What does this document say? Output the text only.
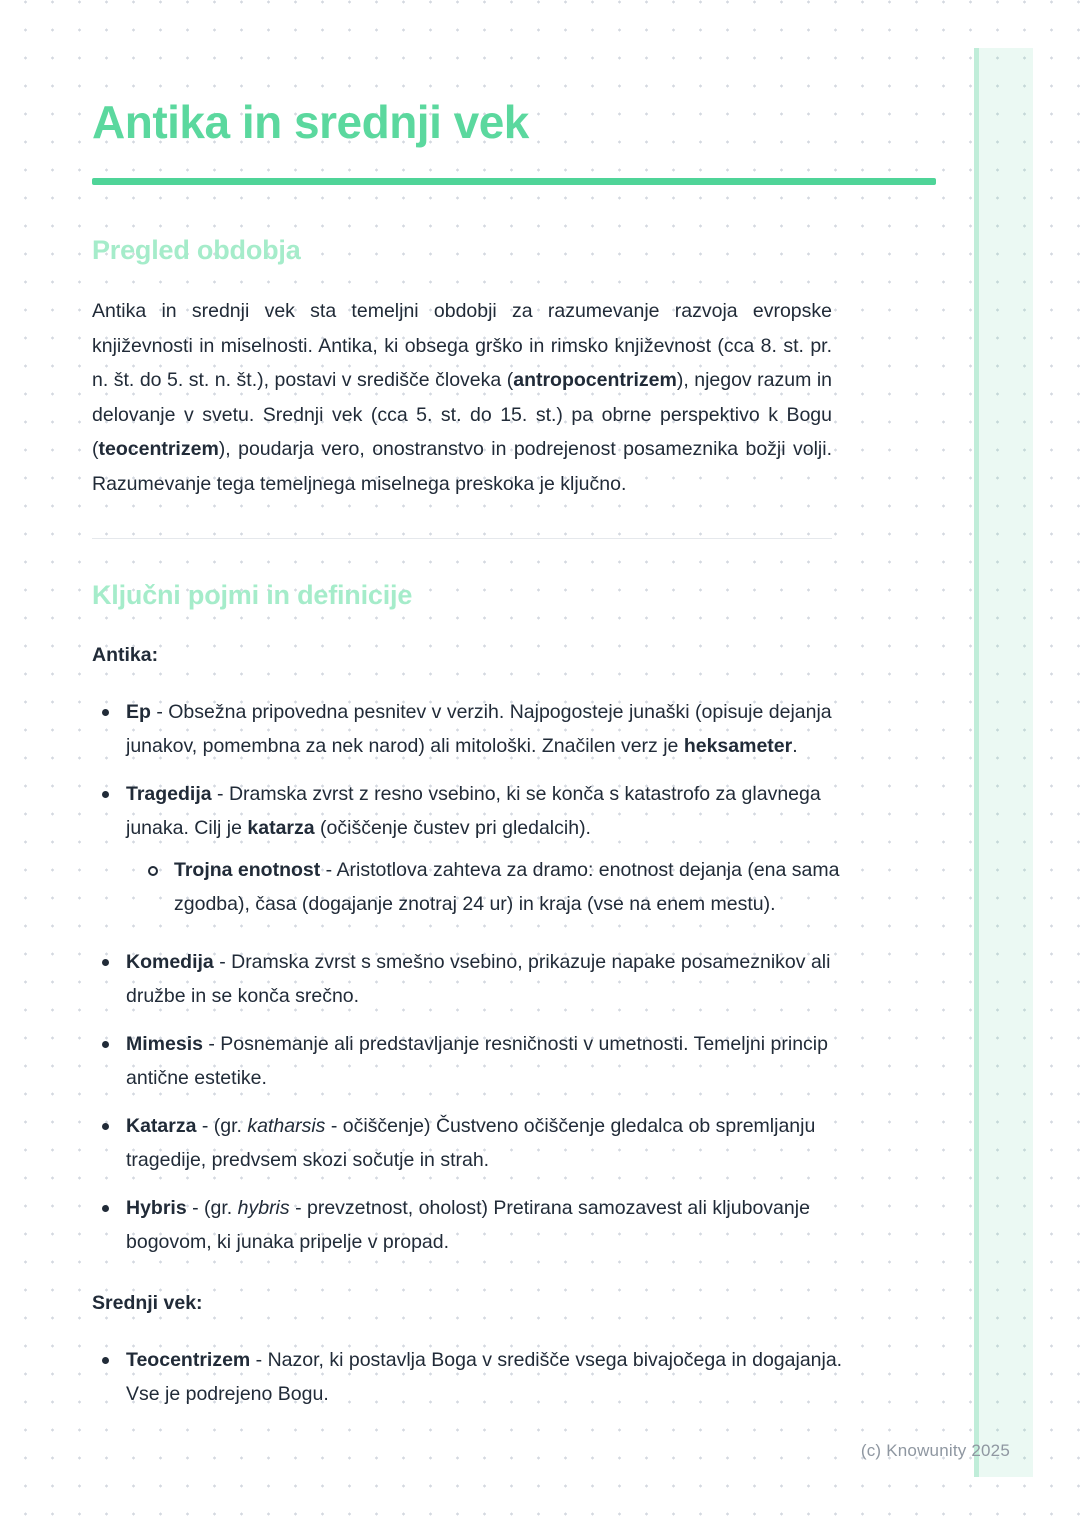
Antika in srednji vek
Pregled obdobja

Antika in srednji vek sta temeljni obdobji za razumevanje razvoja evropske književnosti in miselnosti. Antika, ki obsega grško in rimsko književnost (cca 8. st. pr. n. št. do 5. st. n. št.), postavi v središče človeka (antropocentrizem), njegov razum in delovanje v svetu. Srednji vek (cca 5. st. do 15. st.) pa obrne perspektivo k Bogu (teocentrizem), poudarja vero, onostranstvo in podrejenost posameznika božji volji. Razumevanje tega temeljnega miselnega preskoka je ključno.

Ključni pojmi in definicije
Antika:
Ep - Obsežna pripovedna pesnitev v verzih. Najpogosteje junaški (opisuje dejanja junakov, pomembna za nek narod) ali mitološki. Značilen verz je heksameter.
Tragedija - Dramska zvrst z resno vsebino, ki se konča s katastrofo za glavnega junaka. Cilj je katarza (očiščenje čustev pri gledalcih).
Trojna enotnost - Aristotlova zahteva za dramo: enotnost dejanja (ena sama zgodba), časa (dogajanje znotraj 24 ur) in kraja (vse na enem mestu).
Komedija - Dramska zvrst s smešno vsebino, prikazuje napake posameznikov ali družbe in se konča srečno.
Mimesis - Posnemanje ali predstavljanje resničnosti v umetnosti. Temeljni princip antične estetike.
Katarza - (gr. katharsis - očiščenje) Čustveno očiščenje gledalca ob spremljanju tragedije, predvsem skozi sočutje in strah.
Hybris - (gr. hybris - prevzetnost, oholost) Pretirana samozavest ali kljubovanje bogovom, ki junaka pripelje v propad.
Srednji vek:
Teocentrizem - Nazor, ki postavlja Boga v središče vsega bivajočega in dogajanja. Vse je podrejeno Bogu.
(c) Knowunity 2025
